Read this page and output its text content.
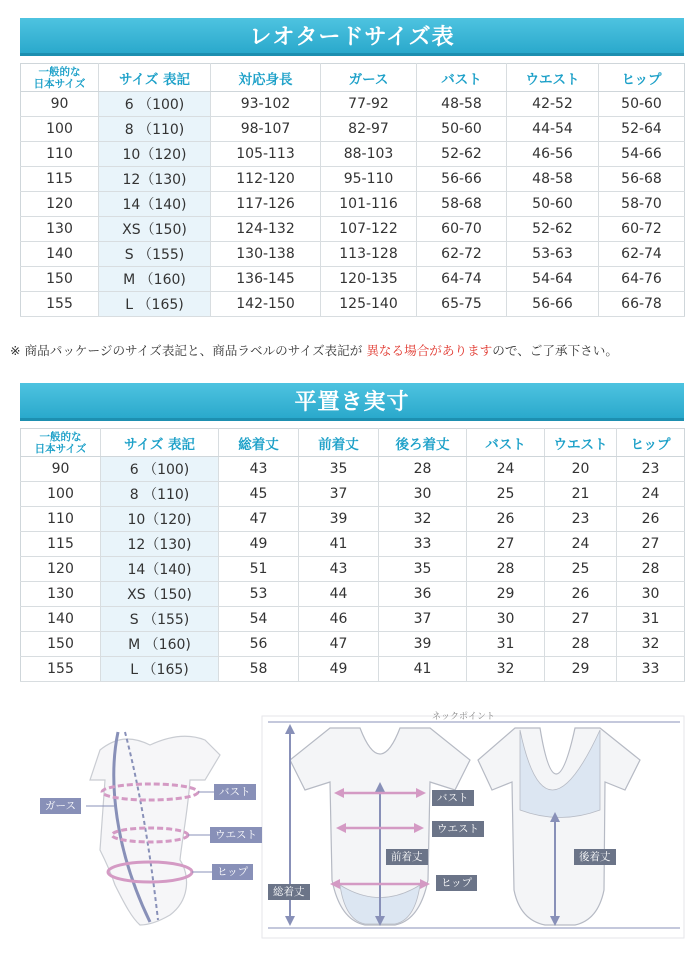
レオタードサイズ表
一般的な
日本サイズ	サイズ 表記	対応身長	ガース	バスト	ウエスト	ヒップ
90	6 （100)	93-102	77-92	48-58	42-52	50-60
100	8 （110)	98-107	82-97	50-60	44-54	52-64
110	10（120)	105-113	88-103	52-62	46-56	54-66
115	12（130)	112-120	95-110	56-66	48-58	56-68
120	14（140)	117-126	101-116	58-68	50-60	58-70
130	XS（150)	124-132	107-122	60-70	52-62	60-72
140	S （155)	130-138	113-128	62-72	53-63	62-74
150	M （160)	136-145	120-135	64-74	54-64	64-76
155	L （165)	142-150	125-140	65-75	56-66	66-78
※ 商品パッケージのサイズ表記と、商品ラベルのサイズ表記が 異なる場合がありますので、ご了承下さい。
平置き実寸
一般的な
日本サイズ	サイズ 表記	総着丈	前着丈	後ろ着丈	バスト	ウエスト	ヒップ
90	6 （100)	43	35	28	24	20	23
100	8 （110)	45	37	30	25	21	24
110	10（120)	47	39	32	26	23	26
115	12（130)	49	41	33	27	24	27
120	14（140)	51	43	35	28	25	28
130	XS（150)	53	44	36	29	26	30
140	S （155)	54	46	37	30	27	31
150	M （160)	56	47	39	31	28	32
155	L （165)	58	49	41	32	29	33
ガース
バスト
ウエスト
ヒップ
ネックポイント
バスト
ウエスト
ヒップ
総着丈
前着丈	後着丈
